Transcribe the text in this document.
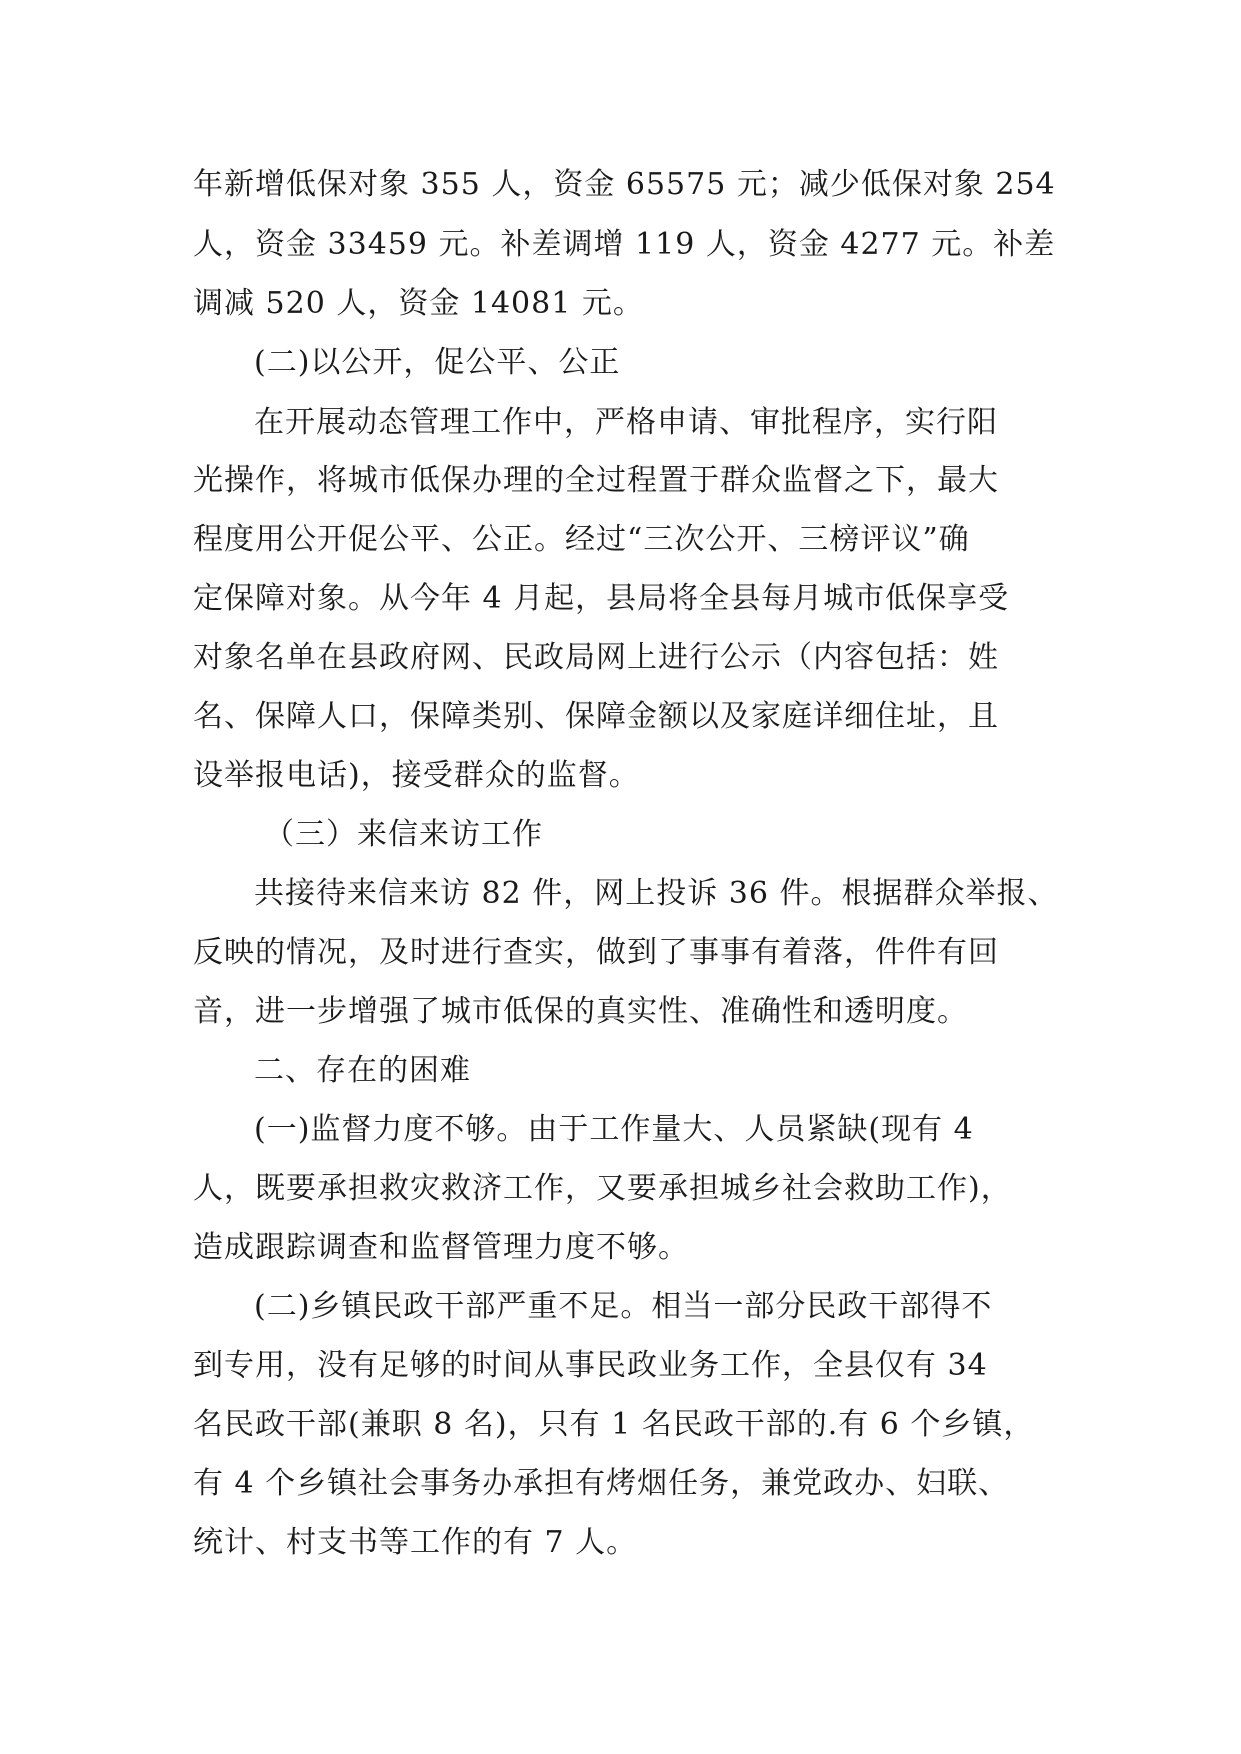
年新增低保对象 355 人，资金 65575 元；减少低保对象 254

人，资金 33459 元。补差调增 119 人，资金 4277 元。补差

调减 520 人，资金 14081 元。

(二)以公开，促公平、公正

在开展动态管理工作中，严格申请、审批程序，实行阳

光操作，将城市低保办理的全过程置于群众监督之下，最大

程度用公开促公平、公正。经过“三次公开、三榜评议”确

定保障对象。从今年 4 月起，县局将全县每月城市低保享受

对象名单在县政府网、民政局网上进行公示（内容包括：姓

名、保障人口，保障类别、保障金额以及家庭详细住址，且

设举报电话)，接受群众的监督。

（三）来信来访工作

共接待来信来访 82 件，网上投诉 36 件。根据群众举报、

反映的情况，及时进行查实，做到了事事有着落，件件有回

音，进一步增强了城市低保的真实性、准确性和透明度。

二、存在的困难

(一)监督力度不够。由于工作量大、人员紧缺(现有 4

人，既要承担救灾救济工作，又要承担城乡社会救助工作)，

造成跟踪调查和监督管理力度不够。

(二)乡镇民政干部严重不足。相当一部分民政干部得不

到专用，没有足够的时间从事民政业务工作，全县仅有 34

名民政干部(兼职 8 名)，只有 1 名民政干部的.有 6 个乡镇，

有 4 个乡镇社会事务办承担有烤烟任务，兼党政办、妇联、

统计、村支书等工作的有 7 人。
